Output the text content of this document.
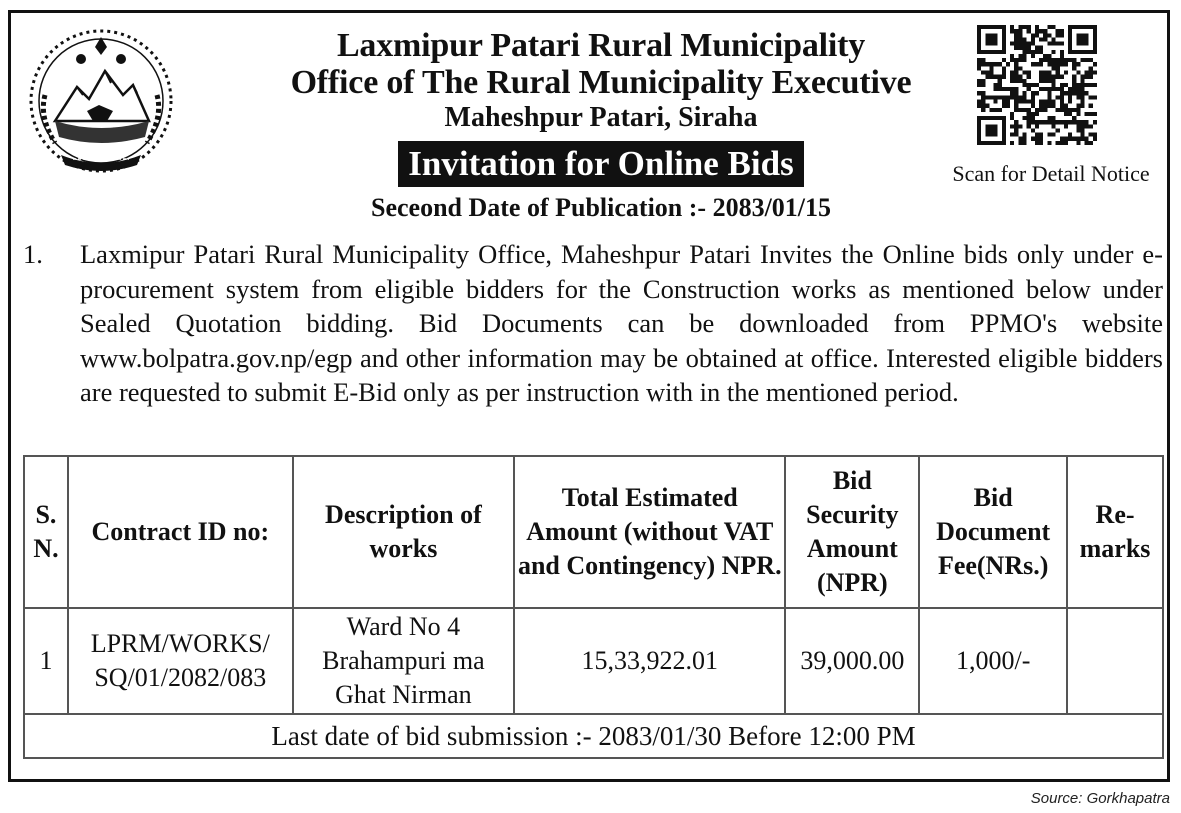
Laxmipur Patari Rural Municipality
Office of The Rural Municipality Executive
Maheshpur Patari, Siraha
Invitation for Online Bids
Seceond Date of Publication :- 2083/01/15
Scan for Detail Notice
1.	Laxmipur Patari Rural Municipality Office, Maheshpur Patari Invites the Online bids only under e-procurement system from eligible bidders for the Construction works as mentioned below under Sealed Quotation bidding. Bid Documents can be downloaded from PPMO's website www.bolpatra.gov.np/egp and other information may be obtained at office. Interested eligible bidders are requested to submit E-Bid only as per instruction with in the mentioned period.
S. N.	Contract ID no:	Description of works	Total Estimated Amount (without VAT and Contingency) NPR.	Bid Security Amount (NPR)	Bid Document Fee(NRs.)	Re-marks
1	LPRM/WORKS/ SQ/01/2082/083	Ward No 4 Brahampuri ma Ghat Nirman	15,33,922.01	39,000.00	1,000/-	
Last date of bid submission :- 2083/01/30 Before 12:00 PM						
Source: Gorkhapatra
